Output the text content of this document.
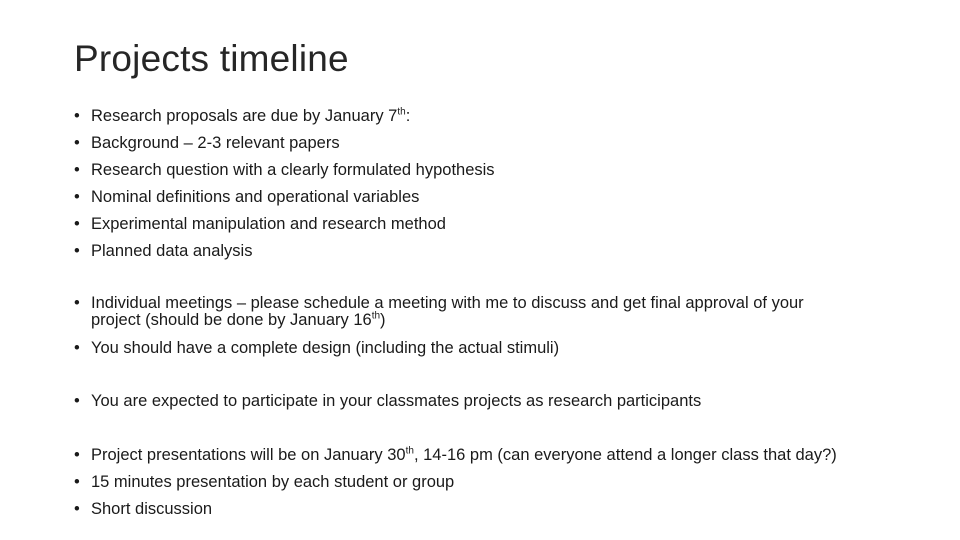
Projects timeline
• Research proposals are due by January 7th:
• Background – 2-3 relevant papers
• Research question with a clearly formulated hypothesis
• Nominal definitions and operational variables
• Experimental manipulation and research method
• Planned data analysis
• Individual meetings – please schedule a meeting with me to discuss and get final approval of your
project (should be done by January 16th)
• You should have a complete design (including the actual stimuli)
• You are expected to participate in your classmates projects as research participants
• Project presentations will be on January 30th, 14-16 pm (can everyone attend a longer class that day?)
• 15 minutes presentation by each student or group
• Short discussion
